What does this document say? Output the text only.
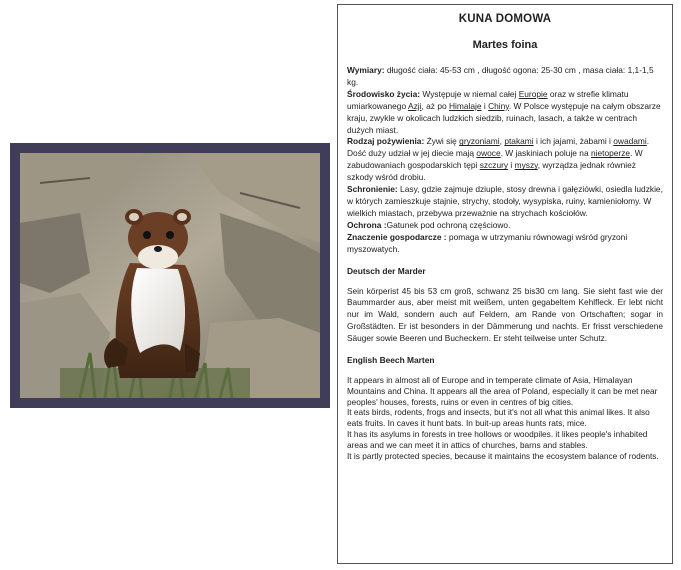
KUNA DOMOWA
Martes foina

Wymiary: długość ciała: 45-53 cm , długość ogona: 25-30 cm , masa ciała: 1,1-1,5 kg.

Środowisko życia: Występuje w niemal całej Europie oraz w strefie klimatu umiarkowanego Azji, aż po Himalaje i Chiny. W Polsce występuje na całym obszarze kraju, zwykle w okolicach ludzkich siedzib, ruinach, lasach, a także w centrach dużych miast.

Rodzaj pożywienia: Żywi się gryzoniami, ptakami i ich jajami, żabami i owadami. Dość duży udział w jej diecie mają owoce. W jaskiniach poluje na nietoperze. W zabudowaniach gospodarskich tępi szczury i myszy, wyrządza jednak również szkody wśród drobiu.

Schronienie: Lasy, gdzie zajmuje dziuple, stosy drewna i gałęziówki, osiedla ludzkie, w których zamieszkuje stajnie, strychy, stodoły, wysypiska, ruiny, kamieniołomy. W wielkich miastach, przebywa przeważnie na strychach kościołów.

Ochrona :Gatunek pod ochroną częściowo.

Znaczenie gospodarcze : pomaga w utrzymaniu równowagi wśród gryzoni myszowatych.

Deutsch der Marder

Sein körperist 45 bis 53 cm groß, schwanz 25 bis30 cm lang. Sie sieht fast wie der Baummarder aus, aber meist mit weißem, unten gegabeltem Kehlfleck. Er lebt nicht nur im Wald, sondern auch auf Feldern, am Rande von Ortschaften; sogar in Großstädten. Er ist besonders in der Dämmerung und nachts. Er frisst verschiedene Säuger sowie Beeren und Bucheckern. Er steht teilweise unter Schutz.

English Beech Marten

It appears in almost all of Europe and in temperate climate of Asia, Himalayan Mountains and China. It appears all the area of Poland, especially it can be met near peoples' houses, forests, ruins or even in centres of big cities.

It eats birds, rodents, frogs and insects, but it's not all what this animal likes. It also eats fruits. In caves it hunt bats. In buit-up areas hunts rats, mice.

It has its asylums in forests in tree hollows or woodpiles. it likes people's inhabited areas and we can meet it in attics of churches, barns and stables.

It is partly protected species, because it maintains the ecosystem balance of rodents.
